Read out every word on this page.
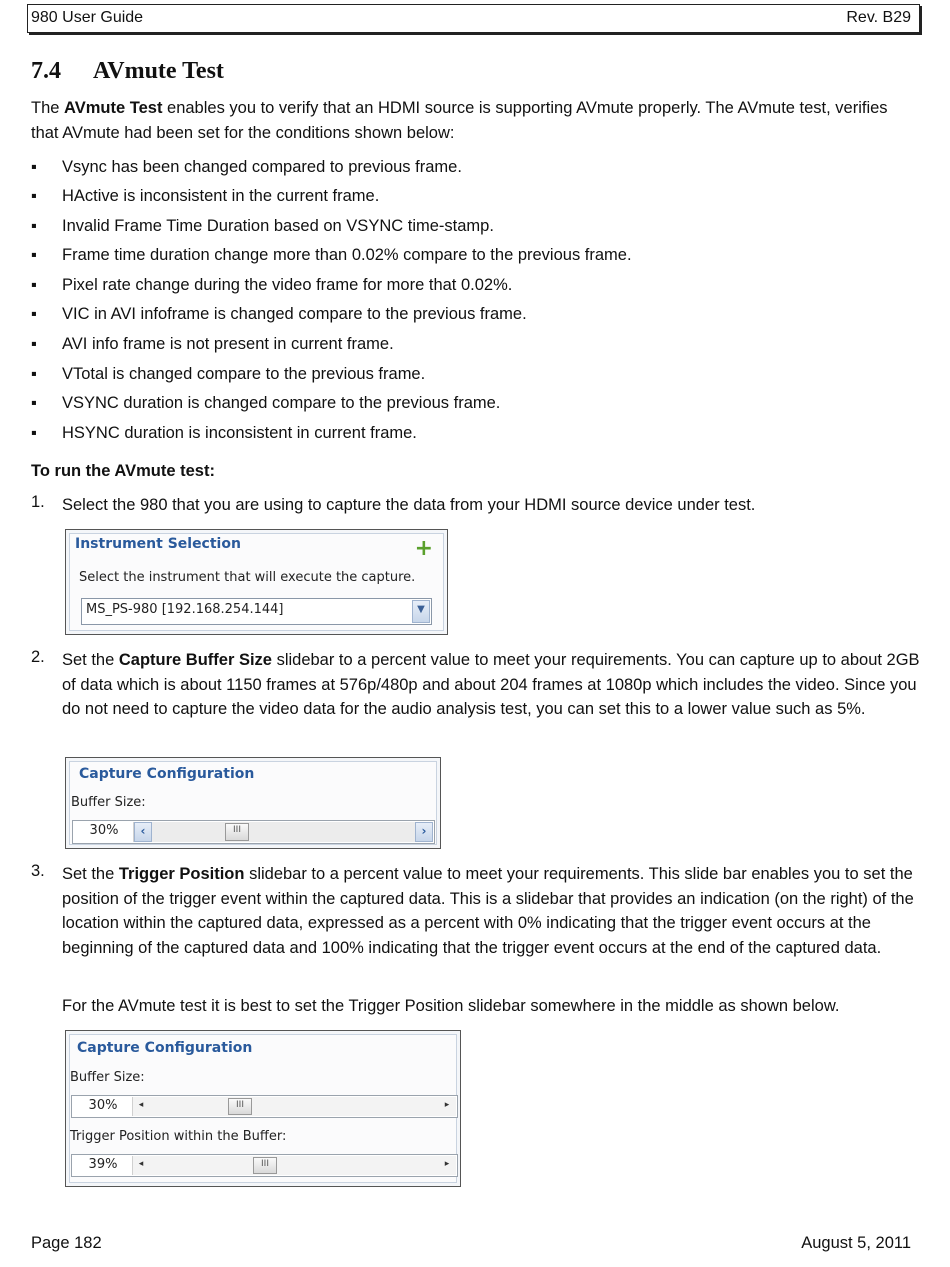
980 User Guide	Rev. B29
7.4 AVmute Test

The AVmute Test enables you to verify that an HDMI source is supporting AVmute properly. The AVmute test, verifies that AVmute had been set for the conditions shown below:

▪ Vsync has been changed compared to previous frame.
▪ HActive is inconsistent in the current frame.
▪ Invalid Frame Time Duration based on VSYNC time-stamp.
▪ Frame time duration change more than 0.02% compare to the previous frame.
▪ Pixel rate change during the video frame for more that 0.02%.
▪ VIC in AVI infoframe is changed compare to the previous frame.
▪ AVI info frame is not present in current frame.
▪ VTotal is changed compare to the previous frame.
▪ VSYNC duration is changed compare to the previous frame.
▪ HSYNC duration is inconsistent in current frame.
To run the AVmute test:
1. Select the 980 that you are using to capture the data from your HDMI source device under test.
Instrument Selection	+
Select the instrument that will execute the capture.
MS_PS-980 [192.168.254.144]	▼
2. Set the Capture Buffer Size slidebar to a percent value to meet your requirements. You can capture up to about 2GB of data which is about 1150 frames at 576p/480p and about 204 frames at 1080p which includes the video. Since you do not need to capture the video data for the audio analysis test, you can set this to a lower value such as 5%.
Capture Configuration
Buffer Size:
30%	‹	III	›
3. Set the Trigger Position slidebar to a percent value to meet your requirements. This slide bar enables you to set the position of the trigger event within the captured data. This is a slidebar that provides an indication (on the right) of the location within the captured data, expressed as a percent with 0% indicating that the trigger event occurs at the beginning of the captured data and 100% indicating that the trigger event occurs at the end of the captured data.
For the AVmute test it is best to set the Trigger Position slidebar somewhere in the middle as shown below.
Capture Configuration
Buffer Size:
30%	◂	III	▸
Trigger Position within the Buffer:
39%	◂	III	▸
Page 182	August 5, 2011
